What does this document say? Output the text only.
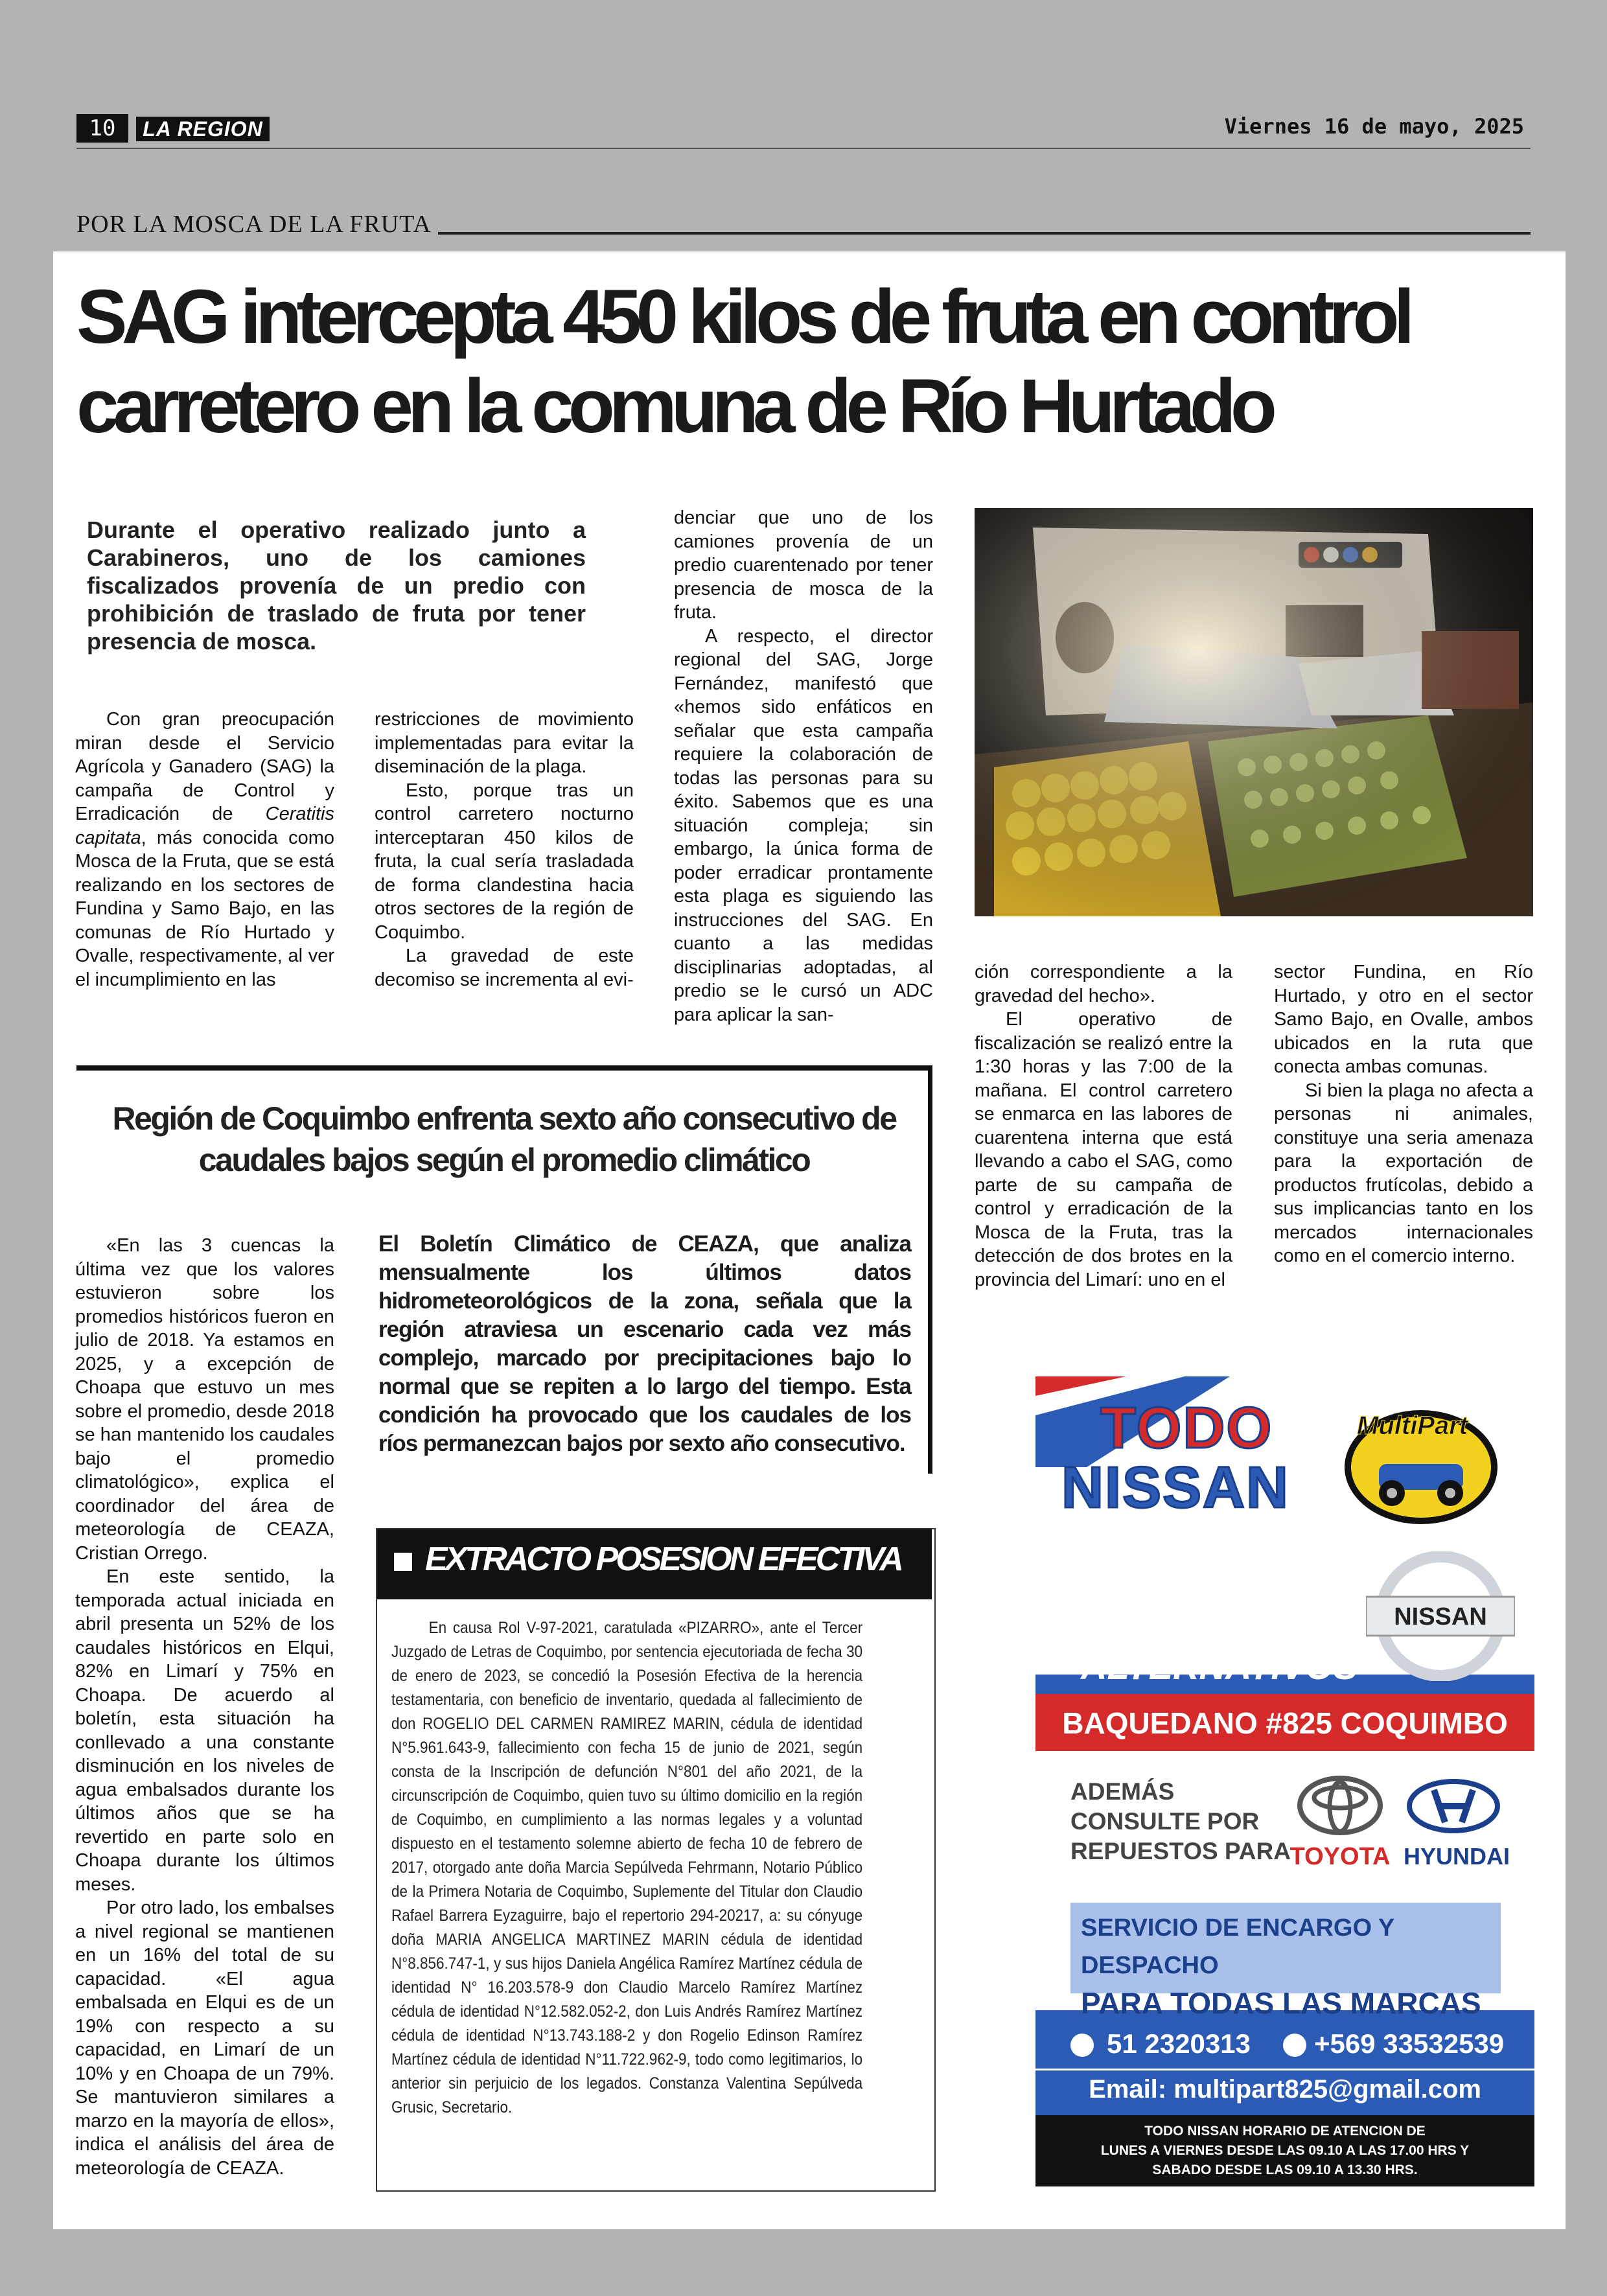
10	LA REGION	Viernes 16 de mayo, 2025
POR LA MOSCA DE LA FRUTA
SAG intercepta 450 kilos de fruta en control carretero en la comuna de Río Hurtado
Durante el operativo realizado junto a Carabineros, uno de los camiones fiscalizados provenía de un predio con prohibición de traslado de fruta por tener presencia de mosca.

Con gran preocupación miran desde el Servicio Agrícola y Ganadero (SAG) la campaña de Control y Erradicación de Ceratitis capitata, más conocida como Mosca de la Fruta, que se está realizando en los sectores de Fundina y Samo Bajo, en las comunas de Río Hurtado y Ovalle, respectivamente, al ver el incumplimiento en las

restricciones de movimiento implementadas para evitar la diseminación de la plaga.

Esto, porque tras un control carretero nocturno interceptaran 450 kilos de fruta, la cual sería trasladada de forma clandestina hacia otros sectores de la región de Coquimbo.

La gravedad de este decomiso se incrementa al evi-

denciar que uno de los camiones provenía de un predio cuarentenado por tener presencia de mosca de la fruta.

A respecto, el director regional del SAG, Jorge Fernández, manifestó que «hemos sido enfáticos en señalar que esta campaña requiere la colaboración de todas las personas para su éxito. Sabemos que es una situación compleja; sin embargo, la única forma de poder erradicar prontamente esta plaga es siguiendo las instrucciones del SAG. En cuanto a las medidas disciplinarias adoptadas, al predio se le cursó un ADC para aplicar la san-

ción correspondiente a la gravedad del hecho».

El operativo de fiscalización se realizó entre la 1:30 horas y las 7:00 de la mañana. El control carretero se enmarca en las labores de cuarentena interna que está llevando a cabo el SAG, como parte de su campaña de control y erradicación de la Mosca de la Fruta, tras la detección de dos brotes en la provincia del Limarí: uno en el

sector Fundina, en Río Hurtado, y otro en el sector Samo Bajo, en Ovalle, ambos ubicados en la ruta que conecta ambas comunas.

Si bien la plaga no afecta a personas ni animales, constituye una seria amenaza para la exportación de productos frutícolas, debido a sus implicancias tanto en los mercados internacionales como en el comercio interno.

Región de Coquimbo enfrenta sexto año consecutivo de caudales bajos según el promedio climático

«En las 3 cuencas la última vez que los valores estuvieron sobre los promedios históricos fueron en julio de 2018. Ya estamos en 2025, y a excepción de Choapa que estuvo un mes sobre el promedio, desde 2018 se han mantenido los caudales bajo el promedio climatológico», explica el coordinador del área de meteorología de CEAZA, Cristian Orrego.

En este sentido, la temporada actual iniciada en abril presenta un 52% de los caudales históricos en Elqui, 82% en Limarí y 75% en Choapa. De acuerdo al boletín, esta situación ha conllevado a una constante disminución en los niveles de agua embalsados durante los últimos años que se ha revertido en parte solo en Choapa durante los últimos meses.

Por otro lado, los embalses a nivel regional se mantienen en un 16% del total de su capacidad. «El agua embalsada en Elqui es de un 19% con respecto a su capacidad, en Limarí de un 10% y en Choapa de un 79%. Se mantuvieron similares a marzo en la mayoría de ellos», indica el análisis del área de meteorología de CEAZA.

El Boletín Climático de CEAZA, que analiza mensualmente los últimos datos hidrometeorológicos de la zona, señala que la región atraviesa un escenario cada vez más complejo, marcado por precipitaciones bajo lo normal que se repiten a lo largo del tiempo. Esta condición ha provocado que los caudales de los ríos permanezcan bajos por sexto año consecutivo.
EXTRACTO POSESION EFECTIVA

En causa Rol V-97-2021, caratulada «PIZARRO», ante el Tercer Juzgado de Letras de Coquimbo, por sentencia ejecutoriada de fecha 30 de enero de 2023, se concedió la Posesión Efectiva de la herencia testamentaria, con beneficio de inventario, quedada al fallecimiento de don ROGELIO DEL CARMEN RAMIREZ MARIN, cédula de identidad N°5.961.643-9, fallecimiento con fecha 15 de junio de 2021, según consta de la Inscripción de defunción N°801 del año 2021, de la circunscripción de Coquimbo, quien tuvo su último domicilio en la región de Coquimbo, en cumplimiento a las normas legales y a voluntad dispuesto en el testamento solemne abierto de fecha 10 de febrero de 2017, otorgado ante doña Marcia Sepúlveda Fehrmann, Notario Público de la Primera Notaria de Coquimbo, Suplemente del Titular don Claudio Rafael Barrera Eyzaguirre, bajo el repertorio 294-20217, a: su cónyuge doña MARIA ANGELICA MARTINEZ MARIN cédula de identidad N°8.856.747-1, y sus hijos Daniela Angélica Ramírez Martínez cédula de identidad N° 16.203.578-9 don Claudio Marcelo Ramírez Martínez cédula de identidad N°12.582.052-2, don Luis Andrés Ramírez Martínez cédula de identidad N°13.743.188-2 y don Rogelio Edinson Ramírez Martínez cédula de identidad N°11.722.962-9, todo como legitimarios, lo anterior sin perjuicio de los legados. Constanza Valentina Sepúlveda Grusic, Secretario.

TODO
NISSAN
MultiPart
REPUESTOS
ORIGINALES Y
ALTERNATIVOS
NISSAN
BAQUEDANO #825 COQUIMBO
ADEMÁS
CONSULTE POR
REPUESTOS PARA
TOYOTA HYUNDAI
SERVICIO DE ENCARGO Y DESPACHO
PARA TODAS LAS MARCAS
51 2320313 +569 33532539
Email: multipart825@gmail.com
TODO NISSAN HORARIO DE ATENCION DE
LUNES A VIERNES DESDE LAS 09.10 A LAS 17.00 HRS Y
SABADO DESDE LAS 09.10 A 13.30 HRS.
